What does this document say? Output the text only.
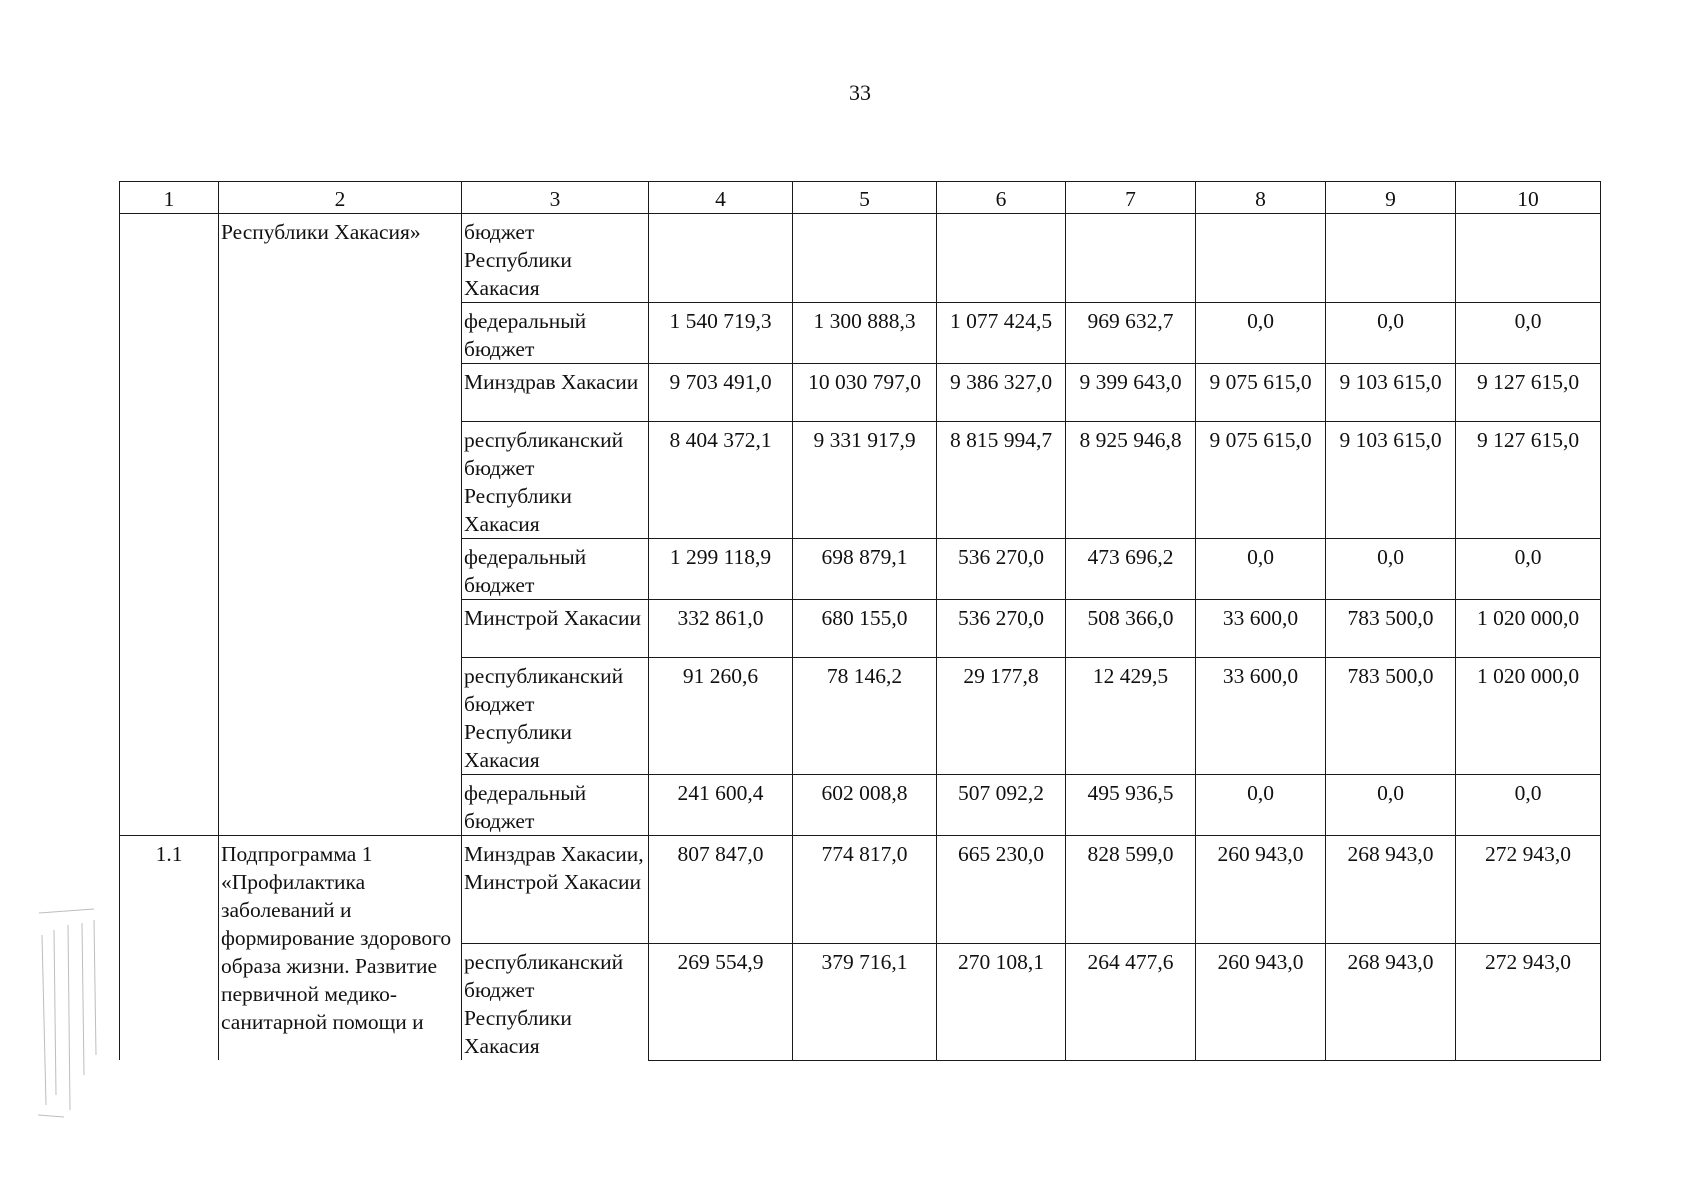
33
1	2	3	4	5	6	7	8	9	10
	Республики Хакасия»	бюджет Республики Хакасия							
		федеральный бюджет	1 540 719,3	1 300 888,3	1 077 424,5	969 632,7	0,0	0,0	0,0
		Минздрав Хакасии	9 703 491,0	10 030 797,0	9 386 327,0	9 399 643,0	9 075 615,0	9 103 615,0	9 127 615,0
		республиканский бюджет Республики Хакасия	8 404 372,1	9 331 917,9	8 815 994,7	8 925 946,8	9 075 615,0	9 103 615,0	9 127 615,0
		федеральный бюджет	1 299 118,9	698 879,1	536 270,0	473 696,2	0,0	0,0	0,0
		Минстрой Хакасии	332 861,0	680 155,0	536 270,0	508 366,0	33 600,0	783 500,0	1 020 000,0
		республиканский бюджет Республики Хакасия	91 260,6	78 146,2	29 177,8	12 429,5	33 600,0	783 500,0	1 020 000,0
		федеральный бюджет	241 600,4	602 008,8	507 092,2	495 936,5	0,0	0,0	0,0
1.1	Подпрограмма 1 «Профилактика заболеваний и формирование здорового образа жизни. Развитие первичной медико-санитарной помощи и	Минздрав Хакасии, Минстрой Хакасии	807 847,0	774 817,0	665 230,0	828 599,0	260 943,0	268 943,0	272 943,0
		республиканский бюджет Республики Хакасия	269 554,9	379 716,1	270 108,1	264 477,6	260 943,0	268 943,0	272 943,0
